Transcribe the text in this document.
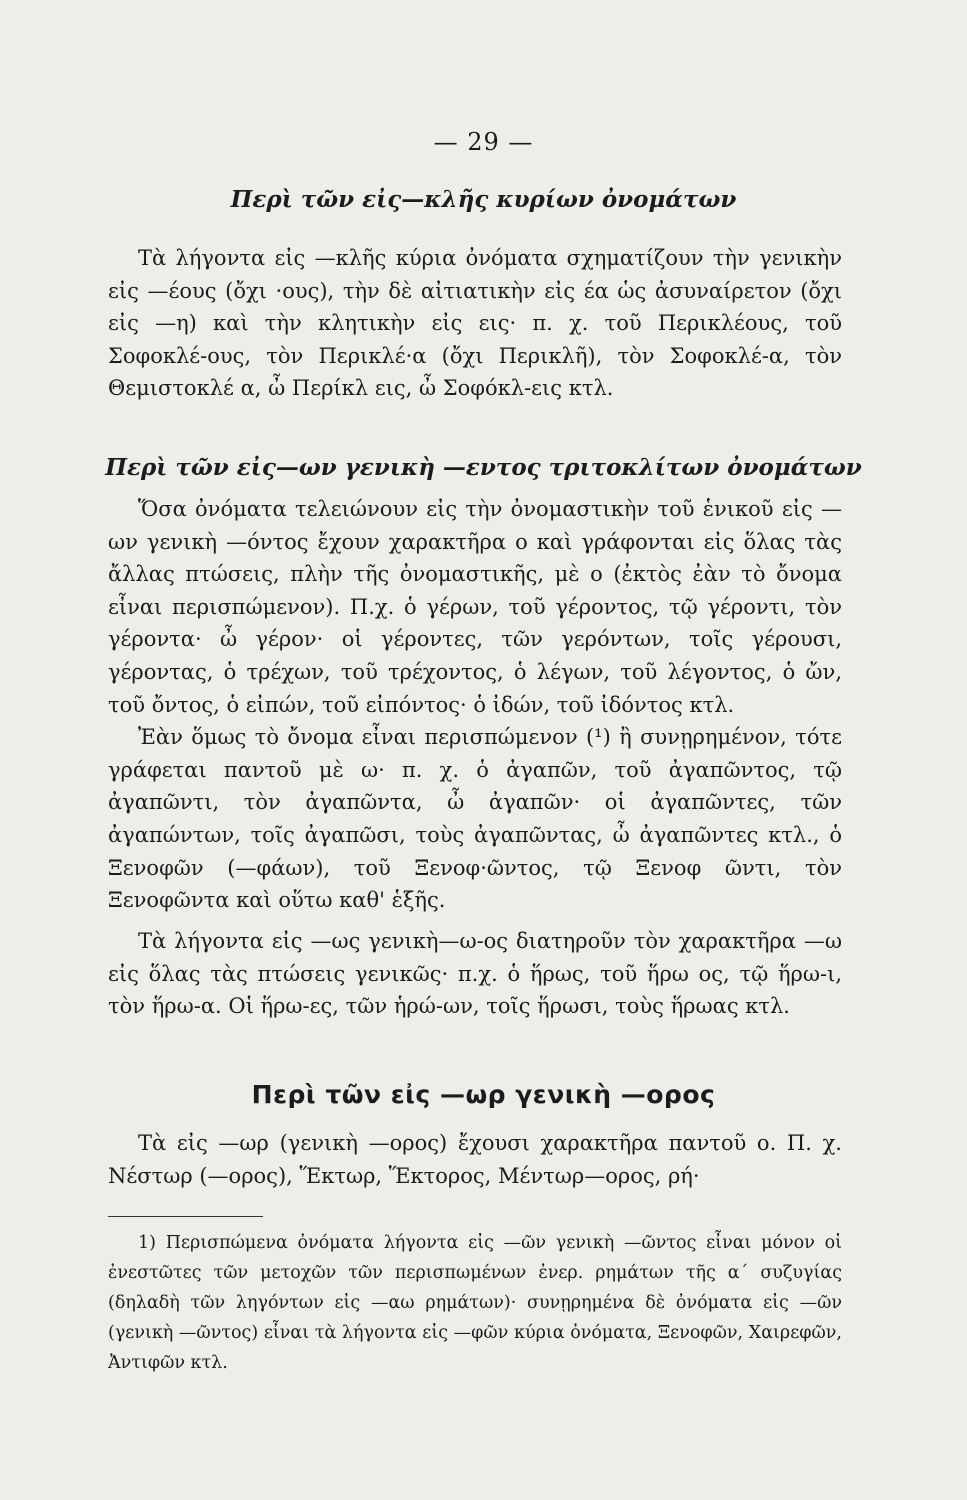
— 29 —
Περὶ τῶν εἰς—κλῆς κυρίων ὀνομάτων

Τὰ λήγοντα εἰς —κλῆς κύρια ὀνόματα σχηματίζουν τὴν γενικὴν εἰς —έους (ὄχι ·ους), τὴν δὲ αἰτιατικὴν εἰς έα ὡς ἀσυναίρετον (ὄχι εἰς —η) καὶ τὴν κλητικὴν εἰς εις· π. χ. τοῦ Περικλέους, τοῦ Σοφοκλέ-ους, τὸν Περικλέ·α (ὄχι Περικλῆ), τὸν Σοφοκλέ-α, τὸν Θεμιστοκλέ α, ὦ Περίκλ εις, ὦ Σοφόκλ-εις κτλ.

Περὶ τῶν εἰς—ων γενικὴ —εντος τριτοκλίτων ὀνομάτων

Ὅσα ὀνόματα τελειώνουν εἰς τὴν ὀνομαστικὴν τοῦ ἑνικοῦ εἰς —ων γενικὴ —όντος ἔχουν χαρακτῆρα ο καὶ γράφονται εἰς ὅλας τὰς ἄλλας πτώσεις, πλὴν τῆς ὀνομαστικῆς, μὲ ο (ἐκτὸς ἐὰν τὸ ὄνομα εἶναι περισπώμενον). Π.χ. ὁ γέρων, τοῦ γέροντος, τῷ γέροντι, τὸν γέροντα· ὦ γέρον· οἱ γέροντες, τῶν γερόντων, τοῖς γέρουσι, γέροντας, ὁ τρέχων, τοῦ τρέχοντος, ὁ λέγων, τοῦ λέγοντος, ὁ ὤν, τοῦ ὄντος, ὁ εἰπών, τοῦ εἰπόντος· ὁ ἰδών, τοῦ ἰδόντος κτλ.

Ἐὰν ὅμως τὸ ὄνομα εἶναι περισπώμενον (¹) ἢ συνῃρημένον, τότε γράφεται παντοῦ μὲ ω· π. χ. ὁ ἀγαπῶν, τοῦ ἀγαπῶντος, τῷ ἀγαπῶντι, τὸν ἀγαπῶντα, ὦ ἀγαπῶν· οἱ ἀγαπῶντες, τῶν ἀγαπώντων, τοῖς ἀγαπῶσι, τοὺς ἀγαπῶντας, ὦ ἀγαπῶντες κτλ., ὁ Ξενοφῶν (—φάων), τοῦ Ξενοφ·ῶντος, τῷ Ξενοφ ῶντι, τὸν Ξενοφῶντα καὶ οὕτω καθ' ἑξῆς.

Τὰ λήγοντα εἰς —ως γενικὴ—ω-ος διατηροῦν τὸν χαρακτῆρα —ω εἰς ὅλας τὰς πτώσεις γενικῶς· π.χ. ὁ ἥρως, τοῦ ἥρω ος, τῷ ἥρω-ι, τὸν ἥρω-α. Οἱ ἥρω-ες, τῶν ἡρώ-ων, τοῖς ἥρωσι, τοὺς ἥρωας κτλ.

Περὶ τῶν εἰς —ωρ γενικὴ —ορος

Τὰ εἰς —ωρ (γενικὴ —ορος) ἔχουσι χαρακτῆρα παντοῦ ο. Π. χ. Νέστωρ (—ορος), Ἕκτωρ, Ἕκτορος, Μέντωρ—ορος, ρή·

1) Περισπώμενα ὀνόματα λήγοντα εἰς —ῶν γενικὴ —ῶντος εἶναι μόνον οἱ ἐνεστῶτες τῶν μετοχῶν τῶν περισπωμένων ἐνερ. ρημάτων τῆς α΄ συζυγίας (δηλαδὴ τῶν ληγόντων εἰς —αω ρημάτων)· συνῃρημένα δὲ ὀνόματα εἰς —ῶν (γενικὴ —ῶντος) εἶναι τὰ λήγοντα εἰς —φῶν κύρια ὀνόματα, Ξενοφῶν, Χαιρεφῶν, Ἀντιφῶν κτλ.
